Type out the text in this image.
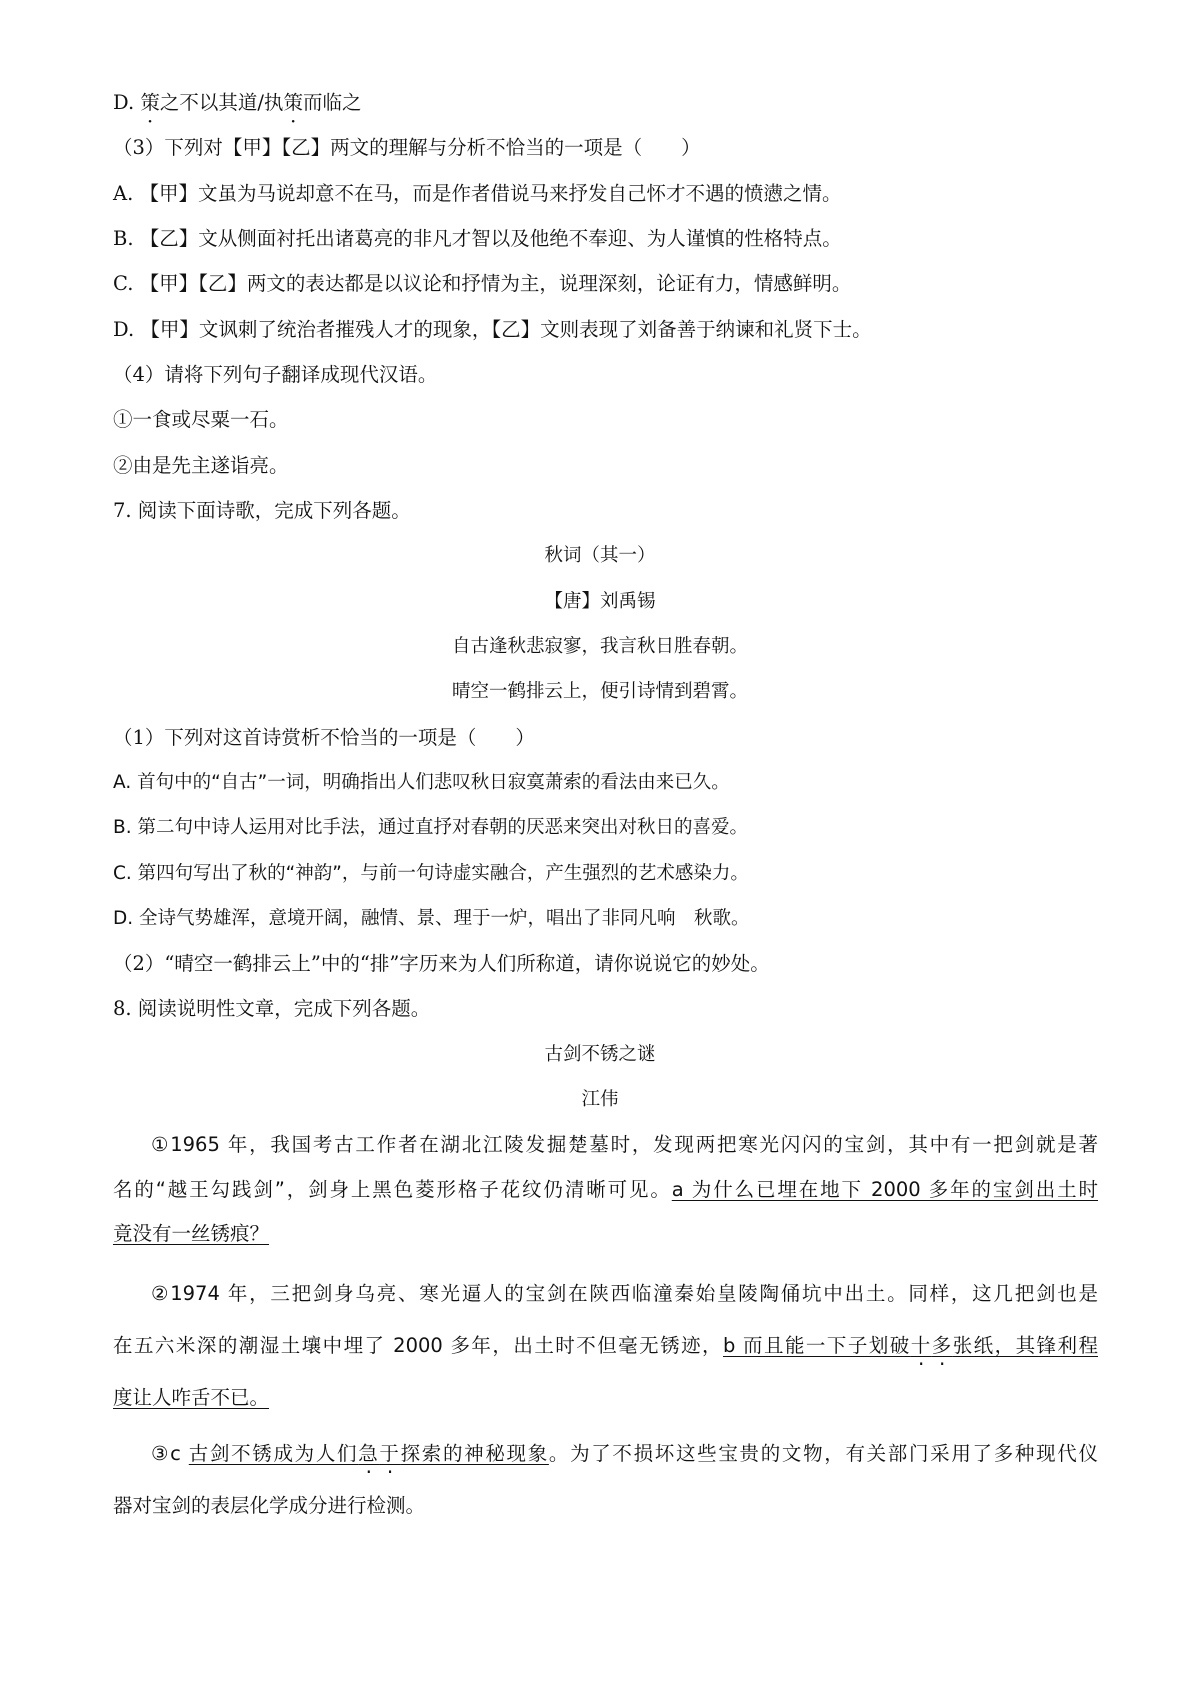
D. 策之不以其道/执策而临之
（3）下列对【甲】【乙】两文的理解与分析不恰当的一项是（　　）
A. 【甲】文虽为马说却意不在马，而是作者借说马来抒发自己怀才不遇的愤懑之情。
B. 【乙】文从侧面衬托出诸葛亮的非凡才智以及他绝不奉迎、为人谨慎的性格特点。
C. 【甲】【乙】两文的表达都是以议论和抒情为主，说理深刻，论证有力，情感鲜明。
D. 【甲】文讽刺了统治者摧残人才的现象，【乙】文则表现了刘备善于纳谏和礼贤下士。
（4）请将下列句子翻译成现代汉语。
①一食或尽粟一石。
②由是先主遂诣亮。
7. 阅读下面诗歌，完成下列各题。
秋词（其一）
【唐】刘禹锡
自古逢秋悲寂寥，我言秋日胜春朝。
晴空一鹤排云上，便引诗情到碧霄。
（1）下列对这首诗赏析不恰当的一项是（　　）
A. 首句中的“自古”一词，明确指出人们悲叹秋日寂寞萧索的看法由来已久。
B. 第二句中诗人运用对比手法，通过直抒对春朝的厌恶来突出对秋日的喜爱。
C. 第四句写出了秋的“神韵”，与前一句诗虚实融合，产生强烈的艺术感染力。
D. 全诗气势雄浑，意境开阔，融情、景、理于一炉，唱出了非同凡响　秋歌。
（2）“晴空一鹤排云上”中的“排”字历来为人们所称道，请你说说它的妙处。
8. 阅读说明性文章，完成下列各题。
古剑不锈之谜
江伟
①1965 年，我国考古工作者在湖北江陵发掘楚墓时，发现两把寒光闪闪的宝剑，其中有一把剑就是著
名的“越王勾践剑”，剑身上黑色菱形格子花纹仍清晰可见。a 为什么已埋在地下 2000 多年的宝剑出土时
竟没有一丝锈痕？
②1974 年，三把剑身乌亮、寒光逼人的宝剑在陕西临潼秦始皇陵陶俑坑中出土。同样，这几把剑也是
在五六米深的潮湿土壤中埋了 2000 多年，出土时不但毫无锈迹，b 而且能一下子划破十多张纸，其锋利程
度让人咋舌不已。
③c 古剑不锈成为人们急于探索的神秘现象。为了不损坏这些宝贵的文物，有关部门采用了多种现代仪
器对宝剑的表层化学成分进行检测。
